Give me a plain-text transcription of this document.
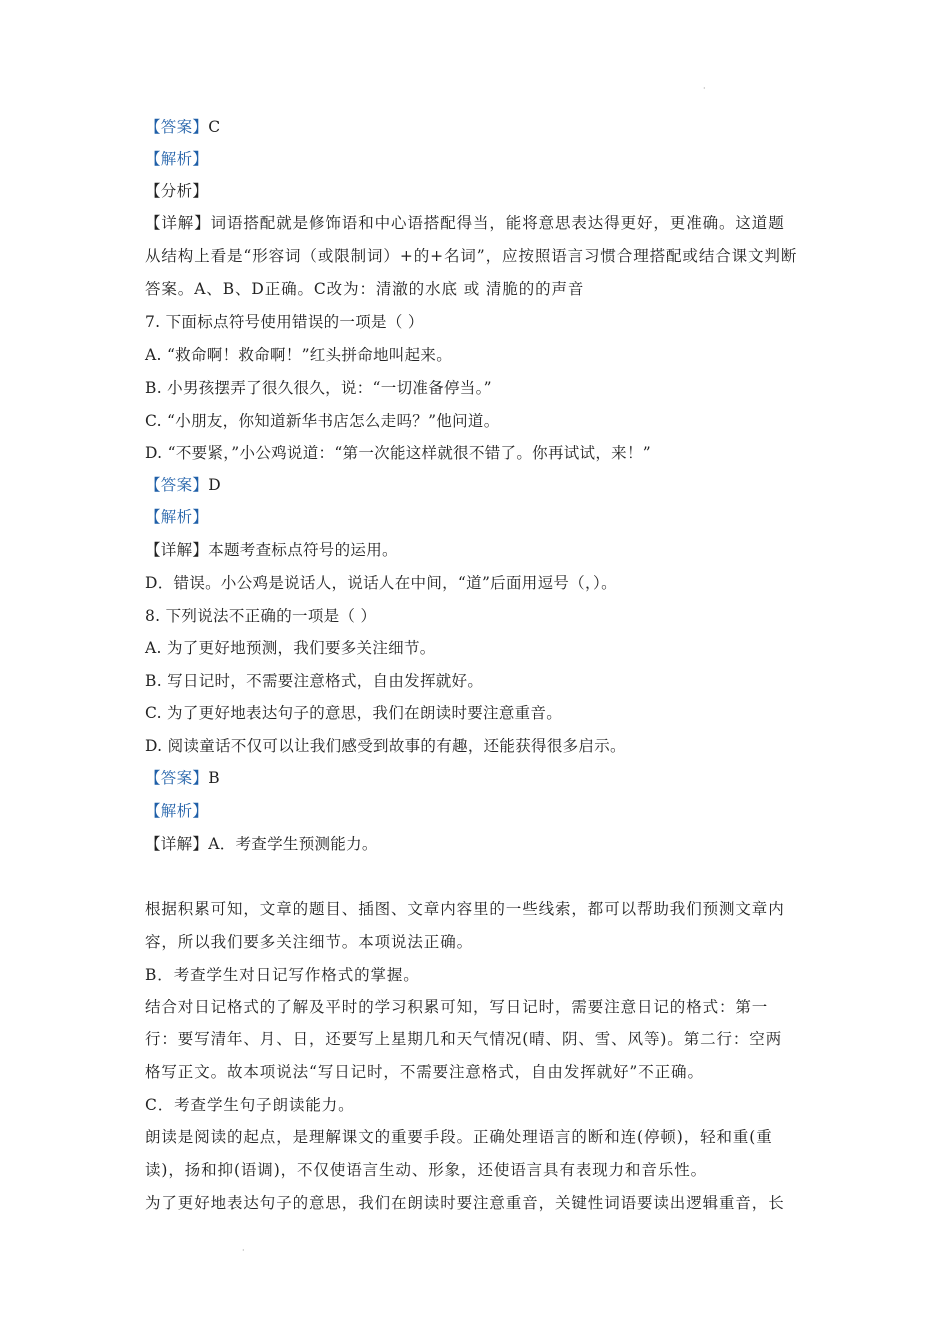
·
【答案】C
【解析】
【分析】
【详解】词语搭配就是修饰语和中心语搭配得当，能将意思表达得更好，更准确。这道题
从结构上看是“形容词（或限制词）+的+名词”，应按照语言习惯合理搭配或结合课文判断
答案。A、B、D正确。C改为：清澈的水底 或 清脆的的声音
7. 下面标点符号使用错误的一项是（ ）
A. “救命啊！救命啊！”红头拼命地叫起来。
B. 小男孩摆弄了很久很久，说：“一切准备停当。”
C. “小朋友，你知道新华书店怎么走吗？”他问道。
D. “不要紧，”小公鸡说道：“第一次能这样就很不错了。你再试试，来！”
【答案】D
【解析】
【详解】本题考查标点符号的运用。
D．错误。小公鸡是说话人，说话人在中间，“道”后面用逗号（，）。
8. 下列说法不正确的一项是（ ）
A. 为了更好地预测，我们要多关注细节。
B. 写日记时，不需要注意格式，自由发挥就好。
C. 为了更好地表达句子的意思，我们在朗读时要注意重音。
D. 阅读童话不仅可以让我们感受到故事的有趣，还能获得很多启示。
【答案】B
【解析】
【详解】A．考查学生预测能力。
根据积累可知，文章的题目、插图、文章内容里的一些线索，都可以帮助我们预测文章内
容，所以我们要多关注细节。本项说法正确。
B．考查学生对日记写作格式的掌握。
结合对日记格式的了解及平时的学习积累可知，写日记时，需要注意日记的格式：第一
行：要写清年、月、日，还要写上星期几和天气情况(晴、阴、雪、风等)。第二行：空两
格写正文。故本项说法“写日记时，不需要注意格式，自由发挥就好”不正确。
C．考查学生句子朗读能力。
朗读是阅读的起点，是理解课文的重要手段。正确处理语言的断和连(停顿)，轻和重(重
读)，扬和抑(语调)，不仅使语言生动、形象，还使语言具有表现力和音乐性。
为了更好地表达句子的意思，我们在朗读时要注意重音，关键性词语要读出逻辑重音，长
·
